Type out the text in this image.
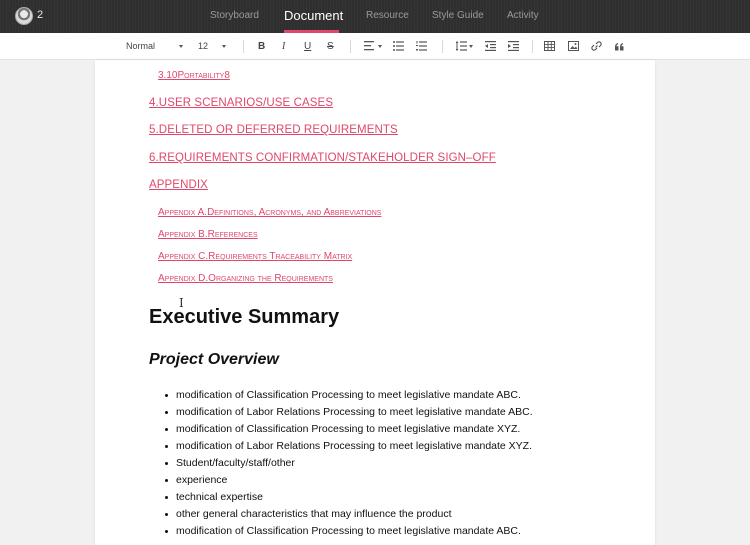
2	Storyboard Document Resource Style Guide Activity
Normal	12	B I U S
3.10Portability8
4.USER SCENARIOS/USE CASES
5.DELETED OR DEFERRED REQUIREMENTS
6.REQUIREMENTS CONFIRMATION/STAKEHOLDER SIGN–OFF
APPENDIX
Appendix A.Definitions, Acronyms, and Abbreviations
Appendix B.References
Appendix C.Requirements Traceability Matrix
Appendix D.Organizing the Requirements
I
Executive Summary
Project Overview
modification of Classification Processing to meet legislative mandate ABC.
modification of Labor Relations Processing to meet legislative mandate ABC.
modification of Classification Processing to meet legislative mandate XYZ.
modification of Labor Relations Processing to meet legislative mandate XYZ.
Student/faculty/staff/other
experience
technical expertise
other general characteristics that may influence the product
modification of Classification Processing to meet legislative mandate ABC.
